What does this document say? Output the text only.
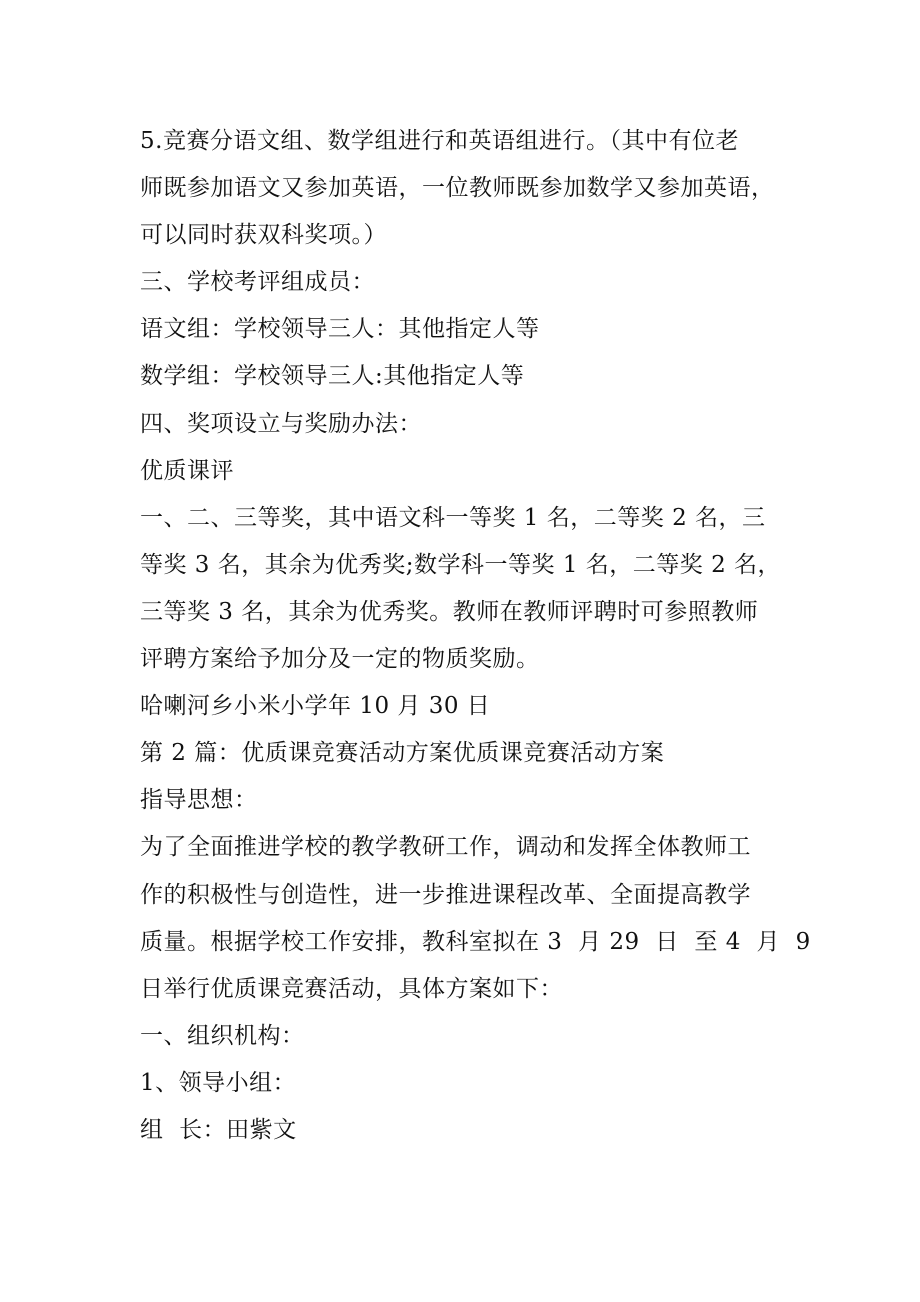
5.竞赛分语文组、数学组进行和英语组进行。（其中有位老
师既参加语文又参加英语，一位教师既参加数学又参加英语，
可以同时获双科奖项。）
三、学校考评组成员：
语文组：学校领导三人：其他指定人等
数学组：学校领导三人:其他指定人等
四、奖项设立与奖励办法：
优质课评
一、二、三等奖，其中语文科一等奖 1 名，二等奖 2 名，三
等奖 3 名，其余为优秀奖;数学科一等奖 1 名，二等奖 2 名，
三等奖 3 名，其余为优秀奖。教师在教师评聘时可参照教师
评聘方案给予加分及一定的物质奖励。
哈喇河乡小米小学年 10 月 30 日
第 2 篇：优质课竞赛活动方案优质课竞赛活动方案
指导思想：
为了全面推进学校的教学教研工作，调动和发挥全体教师工
作的积极性与创造性，进一步推进课程改革、全面提高教学
质量。根据学校工作安排，教科室拟在 3  月 29  日  至 4  月  9
日举行优质课竞赛活动，具体方案如下：
一、组织机构：
1、领导小组：
组  长：田紫文
